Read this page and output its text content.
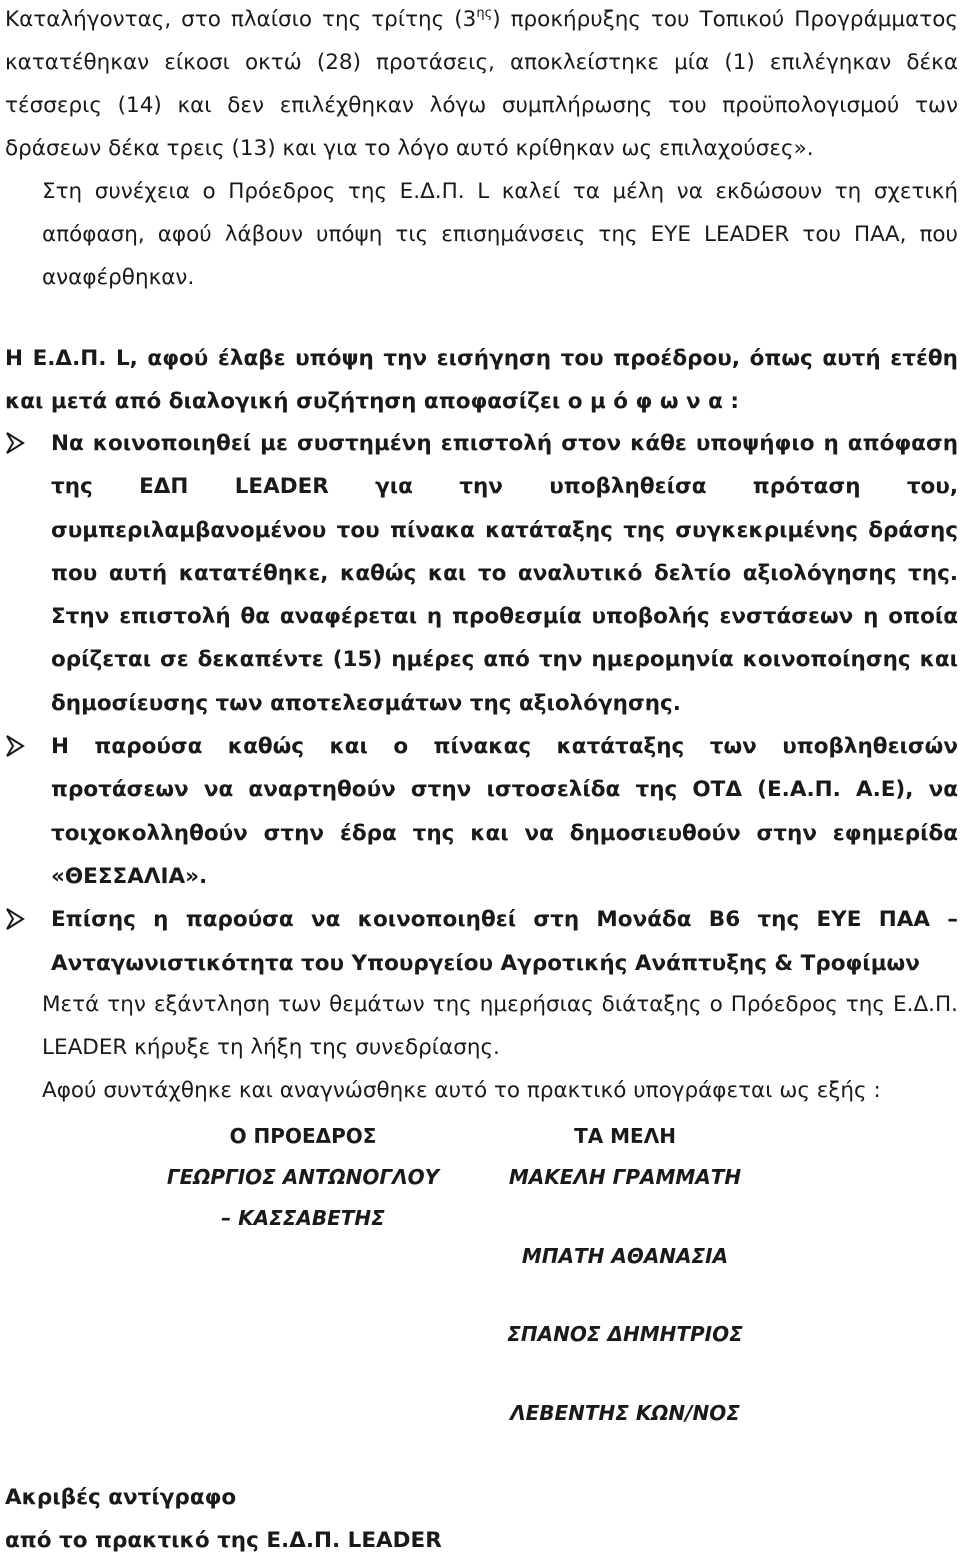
Καταλήγοντας, στο πλαίσιο της τρίτης $(3^{\eta\varsigma})$ προκήρυξης του Τοπικού Προγράμματος κατατέθηκαν είκοσι οκτώ (28) προτάσεις, αποκλείστηκε μία (1) επιλέγηκαν δέκα τέσσερις (14) και δεν επιλέχθηκαν λόγω συμπλήρωσης του προϋπολογισμού των δράσεων δέκα τρεις (13) και για το λόγο αυτό κρίθηκαν ως επιλαχούσες».
Στη συνέχεια ο Πρόεδρος της Ε.Δ.Π. L καλεί τα μέλη να εκδώσουν τη σχετική απόφαση, αφού λάβουν υπόψη τις επισημάνσεις της ΕΥΕ LEADER του ΠΑΑ, που αναφέρθηκαν.
Η Ε.Δ.Π. L, αφού έλαβε υπόψη την εισήγηση του προέδρου, όπως αυτή ετέθη και μετά από διαλογική συζήτηση αποφασίζει ο μ ό φ ω ν α :
Να κοινοποιηθεί με συστημένη επιστολή στον κάθε υποψήφιο η απόφαση της ΕΔΠ LEADER για την υποβληθείσα πρόταση του, συμπεριλαμβανομένου του πίνακα κατάταξης της συγκεκριμένης δράσης που αυτή κατατέθηκε, καθώς και το αναλυτικό δελτίο αξιολόγησης της. Στην επιστολή θα αναφέρεται η προθεσμία υποβολής ενστάσεων η οποία ορίζεται σε δεκαπέντε (15) ημέρες από την ημερομηνία κοινοποίησης και δημοσίευσης των αποτελεσμάτων της αξιολόγησης.
Η παρούσα καθώς και ο πίνακας κατάταξης των υποβληθεισών προτάσεων να αναρτηθούν στην ιστοσελίδα της ΟΤΔ (Ε.Α.Π. Α.Ε), να τοιχοκολληθούν στην έδρα της και να δημοσιευθούν στην εφημερίδα «ΘΕΣΣΑΛΙΑ».
Επίσης η παρούσα να κοινοποιηθεί στη Μονάδα Β6 της ΕΥΕ ΠΑΑ – Ανταγωνιστικότητα του Υπουργείου Αγροτικής Ανάπτυξης & Τροφίμων
Μετά την εξάντληση των θεμάτων της ημερήσιας διάταξης ο Πρόεδρος της Ε.Δ.Π. LEADER κήρυξε τη λήξη της συνεδρίασης.
Αφού συντάχθηκε και αναγνώσθηκε αυτό το πρακτικό υπογράφεται ως εξής :
Ο ΠΡΟΕΔΡΟΣ
ΓΕΩΡΓΙΟΣ ΑΝΤΩΝΟΓΛΟΥ – ΚΑΣΣΑΒΕΤΗΣ
ΤΑ ΜΕΛΗ
ΜΑΚΕΛΗ ΓΡΑΜΜΑΤΗ
ΜΠΑΤΗ ΑΘΑΝΑΣΙΑ
ΣΠΑΝΟΣ ΔΗΜΗΤΡΙΟΣ
ΛΕΒΕΝΤΗΣ ΚΩΝ/ΝΟΣ
Ακριβές αντίγραφο
από το πρακτικό της Ε.Δ.Π. LEADER
